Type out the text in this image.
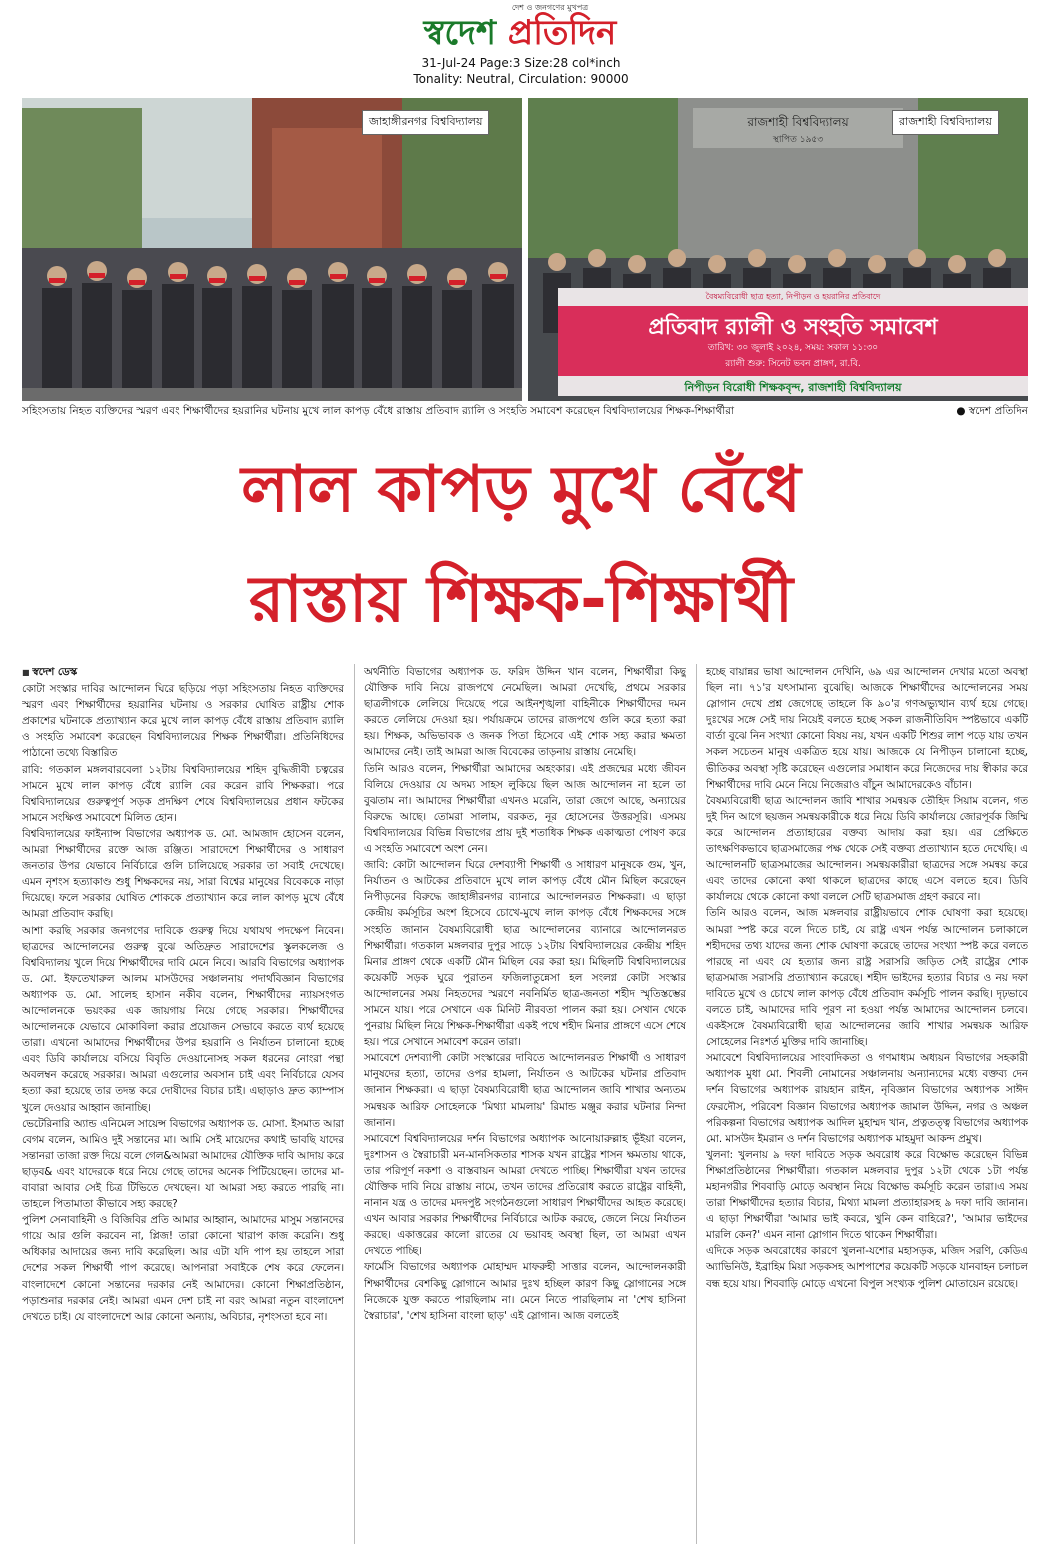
দেশ ও জনগণের মুখপত্র
স্বদেশ প্রতিদিন
31-Jul-24 Page:3 Size:28 col*inch
Tonality: Neutral, Circulation: 90000
জাহাঙ্গীরনগর বিশ্ববিদ্যালয়	রাজশাহী বিশ্ববিদ্যালয়
রাজশাহী বিশ্ববিদ্যালয়
স্থাপিত ১৯৫৩
বৈষম্যবিরোধী ছাত্র হত্যা, নিপীড়ন ও হয়রানির প্রতিবাদে
প্রতিবাদ র‍্যালী ও সংহতি সমাবেশ
তারিখ: ৩০ জুলাই ২০২৪, সময়: সকাল ১১:৩০
র‍্যালী শুরু: সিনেট ভবন প্রাঙ্গণ, রা.বি.
নিপীড়ন বিরোধী শিক্ষকবৃন্দ, রাজশাহী বিশ্ববিদ্যালয়
সহিংসতায় নিহত ব্যক্তিদের স্মরণ এবং শিক্ষার্থীদের হয়রানির ঘটনায় মুখে লাল কাপড় বেঁধে রাস্তায় প্রতিবাদ র‍্যালি ও সংহতি সমাবেশ করেছেন বিশ্ববিদ্যালয়ের শিক্ষক-শিক্ষার্থীরা	● স্বদেশ প্রতিদিন
লাল কাপড় মুখে বেঁধে
রাস্তায় শিক্ষক-শিক্ষার্থী

■ স্বদেশ ডেস্ক

কোটা সংস্কার দাবির আন্দোলন ঘিরে ছড়িয়ে পড়া সহিংসতায় নিহত ব্যক্তিদের স্মরণ এবং শিক্ষার্থীদের হয়রানির ঘটনায় ও সরকার ঘোষিত রাষ্ট্রীয় শোক প্রকাশের ঘটনাকে প্রত্যাখ্যান করে মুখে লাল কাপড় বেঁধে রাস্তায় প্রতিবাদ র‍্যালি ও সংহতি সমাবেশ করেছেন বিশ্ববিদ্যালয়ের শিক্ষক শিক্ষার্থীরা। প্রতিনিধিদের পাঠানো তথ্যে বিস্তারিত

রাবি: গতকাল মঙ্গলবারবেলা ১২টায় বিশ্ববিদ্যালয়ের শহিদ বুদ্ধিজীবী চত্বরের সামনে মুখে লাল কাপড় বেঁধে র‍্যালি বের করেন রাবি শিক্ষকরা। পরে বিশ্ববিদ্যালয়ের গুরুত্বপূর্ণ সড়ক প্রদক্ষিণ শেষে বিশ্ববিদ্যালয়ের প্রধান ফটকের সামনে সংক্ষিপ্ত সমাবেশে মিলিত হোন।

বিশ্ববিদ্যালয়ের ফাইন্যান্স বিভাগের অধ্যাপক ড. মো. আমজাদ হোসেন বলেন, আমরা শিক্ষার্থীদের রক্তে আজ রঞ্জিত। সারাদেশে শিক্ষার্থীদের ও সাধারণ জনতার উপর যেভাবে নির্বিচারে গুলি চালিয়েছে সরকার তা সবাই দেখেছে। এমন নৃশংস হত্যাকাণ্ড শুধু শিক্ষকদের নয়, সারা বিশ্বের মানুষের বিবেককে নাড়া দিয়েছে। ফলে সরকার ঘোষিত শোককে প্রত্যাখ্যান করে লাল কাপড় মুখে বেঁধে আমরা প্রতিবাদ করছি।

আশা করছি সরকার জনগণের দাবিকে গুরুত্ব দিয়ে যথাযথ পদক্ষেপ নিবেন। ছাত্রদের আন্দোলনের গুরুত্ব বুঝে অতিদ্রুত সারাদেশের স্কুলকলেজ ও বিশ্ববিদ্যালয় খুলে দিয়ে শিক্ষার্থীদের দাবি মেনে নিবে। আরবি বিভাগের অধ্যাপক ড. মো. ইফতেখারুল আলম মাসউদের সঞ্চালনায় পদার্থবিজ্ঞান বিভাগের অধ্যাপক ড. মো. সালেহ হাসান নকীব বলেন, শিক্ষার্থীদের ন্যায়সংগত আন্দোলনকে ভয়ংকর এক জায়গায় নিয়ে গেছে সরকার। শিক্ষার্থীদের আন্দোলনকে যেভাবে মোকাবিলা করার প্রয়োজন সেভাবে করতে ব্যর্থ হয়েছে তারা। এখনো আমাদের শিক্ষার্থীদের উপর হয়রানি ও নির্যাতন চালানো হচ্ছে এবং ডিবি কার্যালয়ে বসিয়ে বিবৃতি দেওয়ানোসহ সকল ধরনের নোংরা পন্থা অবলম্বন করেছে সরকার। আমরা এগুলোর অবসান চাই এবং নির্বিচারে যেসব হত্যা করা হয়েছে তার তদন্ত করে দোষীদের বিচার চাই। এছাড়াও দ্রুত ক্যাম্পাস খুলে দেওয়ার আহ্বান জানাচ্ছি।

ভেটেরিনারি অ্যান্ড এনিমেল সায়েন্স বিভাগের অধ্যাপক ড. মোসা. ইসমাত আরা বেগম বলেন, আমিও দুই সন্তানের মা। আমি সেই মায়েদের কথাই ভাবছি যাদের সন্তানরা তাজা রক্ত দিয়ে বলে গেল&আমরা আমাদের যৌক্তিক দাবি আদায় করে ছাড়ব& এবং যাদেরকে ধরে নিয়ে গেছে তাদের অনেক পিটিয়েছেন। তাদের মা-বাবারা আবার সেই চিত্র টিভিতে দেখছেন। যা আমরা সহ্য করতে পারছি না। তাহলে পিতামাতা কীভাবে সহ্য করছে?

পুলিশ সেনাবাহিনী ও বিজিবির প্রতি আমার আহ্বান, আমাদের মাসুম সন্তানদের গায়ে আর গুলি করবেন না, প্লিজ! তারা কোনো খারাপ কাজ করেনি। শুধু অধিকার আদায়ের জন্য দাবি করেছিল। আর এটা যদি পাপ হয় তাহলে সারা দেশের সকল শিক্ষার্থী পাপ করেছে। আপনারা সবাইকে শেষ করে ফেলেন। বাংলাদেশে কোনো সন্তানের দরকার নেই আমাদের। কোনো শিক্ষাপ্রতিষ্ঠান, পড়াশুনার দরকার নেই। আমরা এমন দেশ চাই না বরং আমরা নতুন বাংলাদেশ দেখতে চাই। যে বাংলাদেশে আর কোনো অন্যায়, অবিচার, নৃশংসতা হবে না।

অর্থনীতি বিভাগের অধ্যাপক ড. ফরিদ উদ্দিন খান বলেন, শিক্ষার্থীরা কিছু যৌক্তিক দাবি নিয়ে রাজপথে নেমেছিল। আমরা দেখেছি, প্রথমে সরকার ছাত্রলীগকে লেলিয়ে দিয়েছে পরে আইনশৃঙ্খলা বাহিনীকে শিক্ষার্থীদের দমন করতে লেলিয়ে দেওয়া হয়। পর্যায়ক্রমে তাদের রাজপথে গুলি করে হত্যা করা হয়। শিক্ষক, অভিভাবক ও জনক পিতা হিসেবে এই শোক সহ্য করার ক্ষমতা আমাদের নেই। তাই আমরা আজ বিবেকের তাড়নায় রাস্তায় নেমেছি।

তিনি আরও বলেন, শিক্ষার্থীরা আমাদের অহংকার। এই প্রজন্মের মধ্যে জীবন বিলিয়ে দেওয়ার যে অদম্য সাহস লুকিয়ে ছিল আজ আন্দোলন না হলে তা বুঝতাম না। আমাদের শিক্ষার্থীরা এখনও মরেনি, তারা জেগে আছে, অন্যায়ের বিরুদ্ধে আছে। তোমরা সালাম, বরকত, নূর হোসেনের উত্তরসূরি। এসময় বিশ্ববিদ্যালয়ের বিভিন্ন বিভাগের প্রায় দুই শতাধিক শিক্ষক একাত্মতা পোষণ করে এ সংহতি সমাবেশে অংশ নেন।

জাবি: কোটা আন্দোলন ঘিরে দেশব্যাপী শিক্ষার্থী ও সাধারণ মানুষকে গুম, খুন, নির্যাতন ও আটকের প্রতিবাদে মুখে লাল কাপড় বেঁধে মৌন মিছিল করেছেন নিপীড়নের বিরুদ্ধে জাহাঙ্গীরনগর ব্যানারে আন্দোলনরত শিক্ষকরা। এ ছাড়া কেন্দ্রীয় কর্মসূচির অংশ হিসেবে চোখে-মুখে লাল কাপড় বেঁধে শিক্ষকদের সঙ্গে সংহতি জানান বৈষম্যবিরোধী ছাত্র আন্দোলনের ব্যানারে আন্দোলনরত শিক্ষার্থীরা। গতকাল মঙ্গলবার দুপুর সাড়ে ১২টায় বিশ্ববিদ্যালয়ের কেন্দ্রীয় শহিদ মিনার প্রাঙ্গণ থেকে একটি মৌন মিছিল বের করা হয়। মিছিলটি বিশ্ববিদ্যালয়ের কয়েকটি সড়ক ঘুরে পুরাতন ফজিলাতুন্নেসা হল সংলগ্ন কোটা সংস্কার আন্দোলনের সময় নিহতদের স্মরণে নবনির্মিত ছাত্র-জনতা শহীদ স্মৃতিস্তম্ভের সামনে যায়। পরে সেখানে এক মিনিট নীরবতা পালন করা হয়। সেখান থেকে পুনরায় মিছিল নিয়ে শিক্ষক-শিক্ষার্থীরা একই পথে শহীদ মিনার প্রাঙ্গণে এসে শেষে হয়। পরে সেখানে সমাবেশ করেন তারা।

সমাবেশে দেশব্যাপী কোটা সংস্কারের দাবিতে আন্দোলনরত শিক্ষার্থী ও সাধারণ মানুষদের হত্যা, তাদের ওপর হামলা, নির্যাতন ও আটকের ঘটনার প্রতিবাদ জানান শিক্ষকরা। এ ছাড়া বৈষম্যবিরোধী ছাত্র আন্দোলন জাবি শাখার অন্যতম সমন্বয়ক আরিফ সোহেলকে 'মিথ্যা মামলায়' রিমান্ড মঞ্জুর করার ঘটনার নিন্দা জানান।

সমাবেশে বিশ্ববিদ্যালয়ের দর্শন বিভাগের অধ্যাপক আনোয়ারুল্লাহ ভূঁইয়া বলেন, দুঃশাসন ও স্বৈরাচারী মন-মানসিকতার শাসক যখন রাষ্ট্রের শাসন ক্ষমতায় থাকে, তার পরিপূর্ণ নকশা ও বাস্তবায়ন আমরা দেখতে পাচ্ছি। শিক্ষার্থীরা যখন তাদের যৌক্তিক দাবি নিয়ে রাস্তায় নামে, তখন তাদের প্রতিরোধ করতে রাষ্ট্রের বাহিনী, নানান যন্ত্র ও তাদের মদদপুষ্ট সংগঠনগুলো সাধারণ শিক্ষার্থীদের আহত করেছে। এখন আবার সরকার শিক্ষার্থীদের নির্বিচারে আটক করছে, জেলে নিয়ে নির্যাতন করছে। একাত্তরের কালো রাতের যে ভয়াবহ অবস্থা ছিল, তা আমরা এখন দেখতে পাচ্ছি।

ফার্মেসি বিভাগের অধ্যাপক মোহাম্মদ মাফরুহী সাত্তার বলেন, আন্দোলনকারী শিক্ষার্থীদের বেশকিছু স্লোগানে আমার দুঃখ হচ্ছিল কারণ কিছু স্লোগানের সঙ্গে নিজেকে যুক্ত করতে পারছিলাম না। মেনে নিতে পারছিলাম না 'শেখ হাসিনা স্বৈরাচার', 'শেখ হাসিনা বাংলা ছাড়' এই স্লোগান। আজ বলতেই

হচ্ছে বায়ান্নর ভাষা আন্দোলন দেখিনি, ৬৯ এর আন্দোলন দেখার মতো অবস্থা ছিল না। ৭১'র যৎসামান্য বুঝেছি। আজকে শিক্ষার্থীদের আন্দোলনের সময় স্লোগান দেখে প্রশ্ন জেগেছে তাহলে কি ৯০'র গণঅভ্যুত্থান ব্যর্থ হয়ে গেছে। দুঃখের সঙ্গে সেই দায় নিয়েই বলতে হচ্ছে সকল রাজনীতিবিদ স্পষ্টভাবে একটি বার্তা বুঝে নিন সংখ্যা কোনো বিষয় নয়, যখন একটি শিশুর লাশ পড়ে যায় তখন সকল সচেতন মানুষ একত্রিত হয়ে যায়। আজকে যে নিপীড়ন চালানো হচ্ছে, ভীতিকর অবস্থা সৃষ্টি করেছেন এগুলোর সমাধান করে নিজেদের দায় স্বীকার করে শিক্ষার্থীদের দাবি মেনে নিয়ে নিজেরাও বাঁচুন আমাদেরকেও বাঁচান।

বৈষম্যবিরোধী ছাত্র আন্দোলন জাবি শাখার সমন্বয়ক তৌহিদ সিয়াম বলেন, গত দুই দিন আগে ছয়জন সমন্বয়কারীকে ধরে নিয়ে ডিবি কার্যালয়ে জোরপূর্বক জিম্মি করে আন্দোলন প্রত্যাহারের বক্তব্য আদায় করা হয়। এর প্রেক্ষিতে তাৎক্ষণিকভাবে ছাত্রসমাজের পক্ষ থেকে সেই বক্তব্য প্রত্যাখ্যান হতে দেখেছি। এ আন্দোলনটি ছাত্রসমাজের আন্দোলন। সমন্বয়কারীরা ছাত্রদের সঙ্গে সমন্বয় করে এবং তাদের কোনো কথা থাকলে ছাত্রদের কাছে এসে বলতে হবে। ডিবি কার্যালয়ে থেকে কোনো কথা বললে সেটি ছাত্রসমাজ গ্রহণ করবে না।

তিনি আরও বলেন, আজ মঙ্গলবার রাষ্ট্রীয়ভাবে শোক ঘোষণা করা হয়েছে। আমরা স্পষ্ট করে বলে দিতে চাই, যে রাষ্ট্র এখন পর্যন্ত আন্দোলন চলাকালে শহীদদের তথ্য যাদের জন্য শোক ঘোষণা করেছে তাদের সংখ্যা স্পষ্ট করে বলতে পারছে না এবং যে হত্যার জন্য রাষ্ট্র সরাসরি জড়িত সেই রাষ্ট্রের শোক ছাত্রসমাজ সরাসরি প্রত্যাখ্যান করেছে। শহীদ ভাইদের হত্যার বিচার ও নয় দফা দাবিতে মুখে ও চোখে লাল কাপড় বেঁধে প্রতিবাদ কর্মসূচি পালন করছি। দৃঢ়ভাবে বলতে চাই, আমাদের দাবি পূরণ না হওয়া পর্যন্ত আমাদের আন্দোলন চলবে। একইসঙ্গে বৈষম্যবিরোধী ছাত্র আন্দোলনের জাবি শাখার সমন্বয়ক আরিফ সোহেলের নিঃশর্ত মুক্তির দাবি জানাচ্ছি।

সমাবেশে বিশ্ববিদ্যালয়ের সাংবাদিকতা ও গণমাধ্যম অধ্যয়ন বিভাগের সহকারী অধ্যাপক মুধা মো. শিবলী নোমানের সঞ্চালনায় অন্যান্যদের মধ্যে বক্তব্য দেন দর্শন বিভাগের অধ্যাপক রায়হান রাইন, নৃবিজ্ঞান বিভাগের অধ্যাপক সাঈদ ফেরদৌস, পরিবেশ বিজ্ঞান বিভাগের অধ্যাপক জামাল উদ্দিন, নগর ও অঞ্চল পরিকল্পনা বিভাগের অধ্যাপক আদিল মুহাম্মদ খান, প্রত্নতত্ত্ব বিভাগের অধ্যাপক মো. মাসউদ ইমরান ও দর্শন বিভাগের অধ্যাপক মাহমুদা আকন্দ প্রমুখ।

খুলনা: খুলনায় ৯ দফা দাবিতে সড়ক অবরোধ করে বিক্ষোভ করেছেন বিভিন্ন শিক্ষাপ্রতিষ্ঠানের শিক্ষার্থীরা। গতকাল মঙ্গলবার দুপুর ১২টা থেকে ১টা পর্যন্ত মহানগরীর শিববাড়ি মোড়ে অবস্থান নিয়ে বিক্ষোভ কর্মসূচি করেন তারা।এ সময় তারা শিক্ষার্থীদের হত্যার বিচার, মিথ্যা মামলা প্রত্যাহারসহ ৯ দফা দাবি জানান। এ ছাড়া শিক্ষার্থীরা 'আমার ভাই কবরে, খুনি কেন বাহিরে?', 'আমার ভাইদের মারলি কেন?' এমন নানা স্লোগান দিতে থাকেন শিক্ষার্থীরা।

এদিকে সড়ক অবরোধের কারণে খুলনা-যশোর মহাসড়ক, মজিদ সরণি, কেডিএ অ্যাভিনিউ, ইব্রাহিম মিয়া সড়কসহ আশপাশের কয়েকটি সড়কে যানবাহন চলাচল বন্ধ হয়ে যায়। শিববাড়ি মোড়ে এখনো বিপুল সংখ্যক পুলিশ মোতায়েন রয়েছে।
